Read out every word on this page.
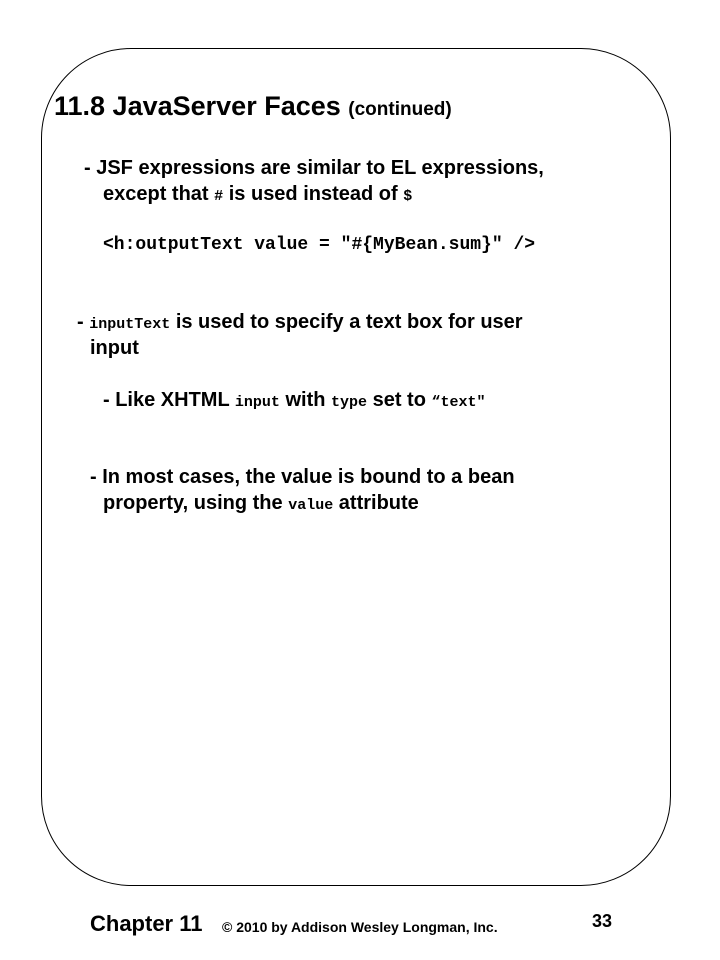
11.8 JavaServer Faces (continued)
- JSF expressions are similar to EL expressions,
except that # is used instead of $
<h:outputText value = "#{MyBean.sum}" />
- inputText is used to specify a text box for user
input
- Like XHTML input with type set to “text"
- In most cases, the value is bound to a bean
property, using the value attribute
Chapter 11 © 2010 by Addison Wesley Longman, Inc.	33
